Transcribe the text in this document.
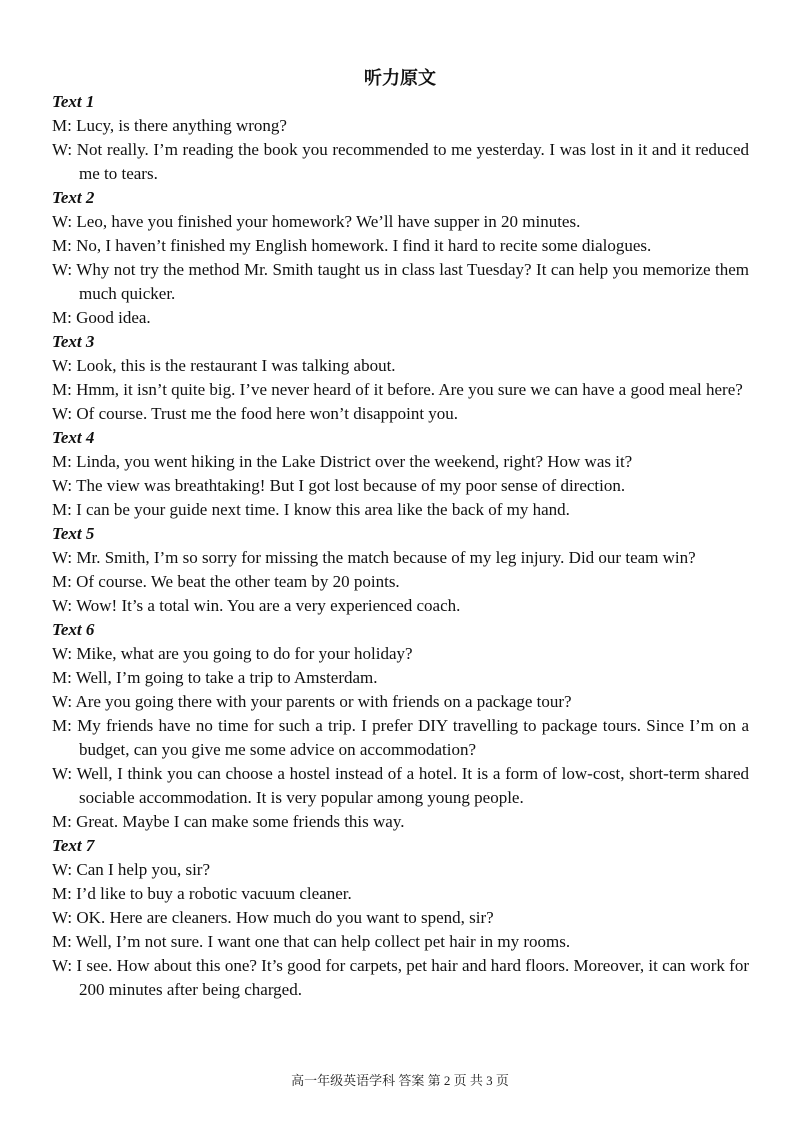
听力原文
Text 1
M: Lucy, is there anything wrong?
W: Not really. I’m reading the book you recommended to me yesterday. I was lost in it and it reduced me to tears.
Text 2
W: Leo, have you finished your homework? We’ll have supper in 20 minutes.
M: No, I haven’t finished my English homework. I find it hard to recite some dialogues.
W: Why not try the method Mr. Smith taught us in class last Tuesday? It can help you memorize them much quicker.
M: Good idea.
Text 3
W: Look, this is the restaurant I was talking about.
M: Hmm, it isn’t quite big. I’ve never heard of it before. Are you sure we can have a good meal here?
W: Of course. Trust me the food here won’t disappoint you.
Text 4
M: Linda, you went hiking in the Lake District over the weekend, right? How was it?
W: The view was breathtaking! But I got lost because of my poor sense of direction.
M: I can be your guide next time. I know this area like the back of my hand.
Text 5
W: Mr. Smith, I’m so sorry for missing the match because of my leg injury. Did our team win?
M: Of course. We beat the other team by 20 points.
W: Wow! It’s a total win. You are a very experienced coach.
Text 6
W: Mike, what are you going to do for your holiday?
M: Well, I’m going to take a trip to Amsterdam.
W: Are you going there with your parents or with friends on a package tour?
M: My friends have no time for such a trip. I prefer DIY travelling to package tours. Since I’m on a budget, can you give me some advice on accommodation?
W: Well, I think you can choose a hostel instead of a hotel. It is a form of low-cost, short-term shared sociable accommodation. It is very popular among young people.
M: Great. Maybe I can make some friends this way.
Text 7
W: Can I help you, sir?
M: I’d like to buy a robotic vacuum cleaner.
W: OK. Here are cleaners. How much do you want to spend, sir?
M: Well, I’m not sure. I want one that can help collect pet hair in my rooms.
W: I see. How about this one? It’s good for carpets, pet hair and hard floors. Moreover, it can work for 200 minutes after being charged.
高一年级英语学科 答案 第 2 页 共 3 页
